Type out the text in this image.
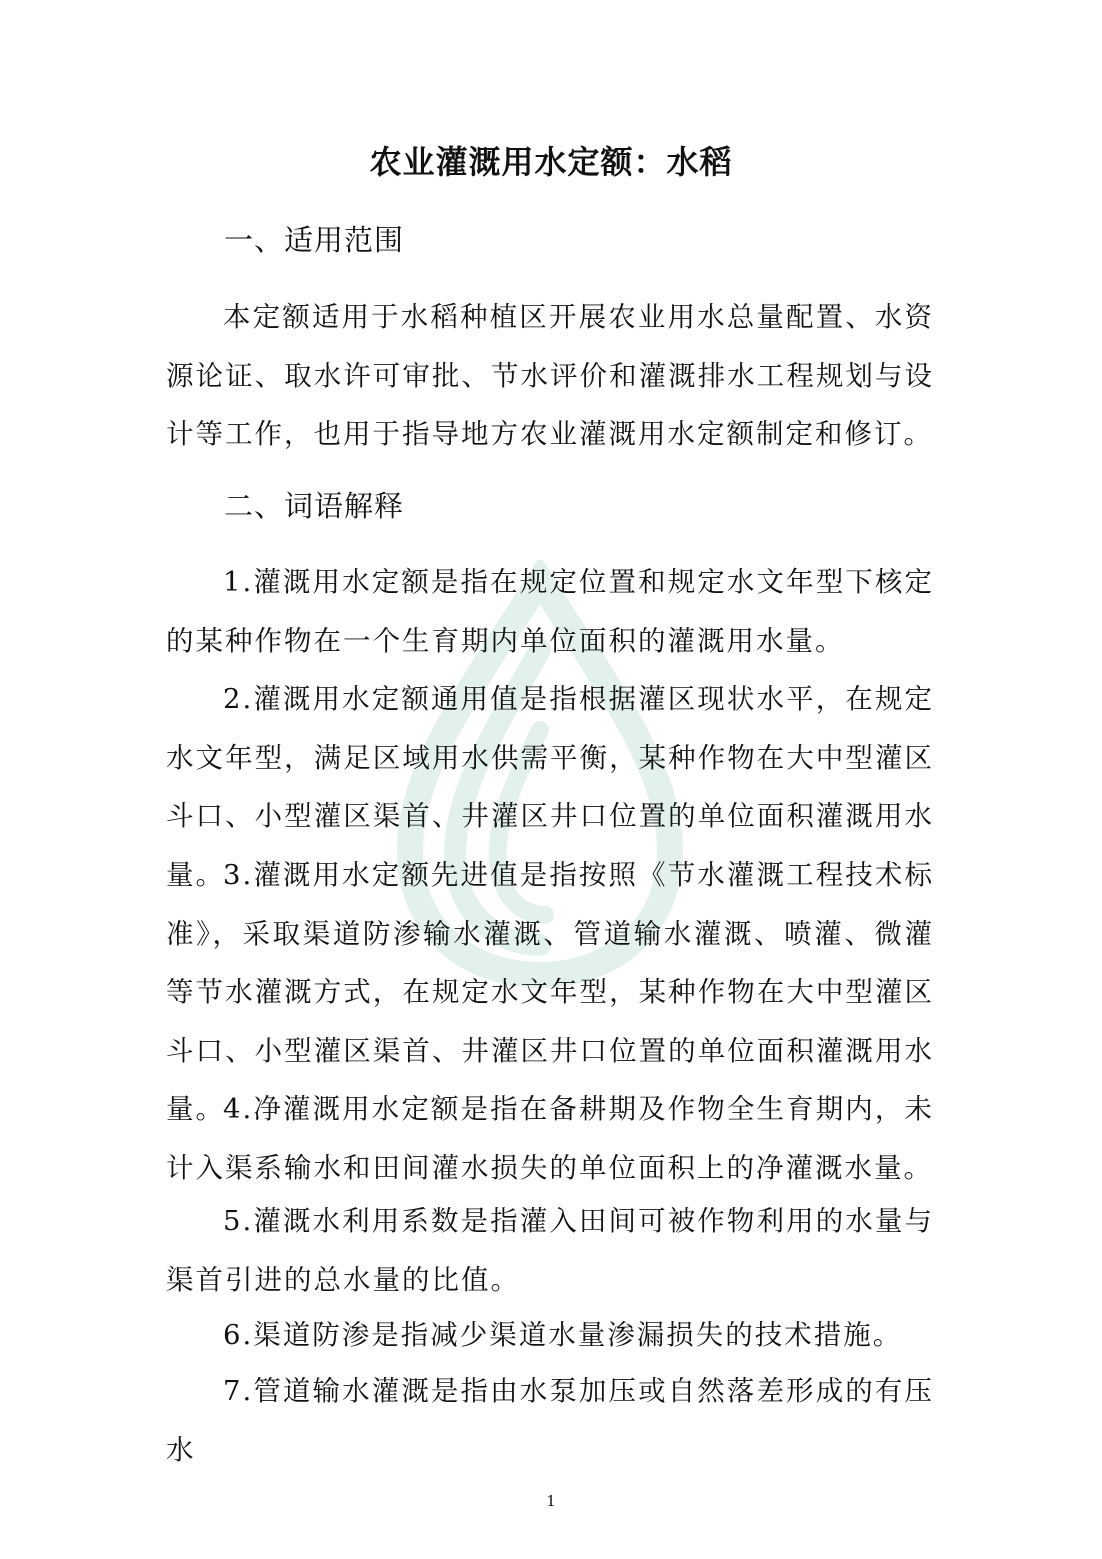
农业灌溉用水定额：水稻
一、适用范围

本定额适用于水稻种植区开展农业用水总量配置、水资源论证、取水许可审批、节水评价和灌溉排水工程规划与设计等工作，也用于指导地方农业灌溉用水定额制定和修订。

二、词语解释

1.灌溉用水定额是指在规定位置和规定水文年型下核定的某种作物在一个生育期内单位面积的灌溉用水量。

2.灌溉用水定额通用值是指根据灌区现状水平，在规定水文年型，满足区域用水供需平衡，某种作物在大中型灌区斗口、小型灌区渠首、井灌区井口位置的单位面积灌溉用水量。

3.灌溉用水定额先进值是指按照《节水灌溉工程技术标准》，采取渠道防渗输水灌溉、管道输水灌溉、喷灌、微灌等节水灌溉方式，在规定水文年型，某种作物在大中型灌区斗口、小型灌区渠首、井灌区井口位置的单位面积灌溉用水量。

4.净灌溉用水定额是指在备耕期及作物全生育期内，未计入渠系输水和田间灌水损失的单位面积上的净灌溉水量。

5.灌溉水利用系数是指灌入田间可被作物利用的水量与渠首引进的总水量的比值。

6.渠道防渗是指减少渠道水量渗漏损失的技术措施。

7.管道输水灌溉是指由水泵加压或自然落差形成的有压水

1
